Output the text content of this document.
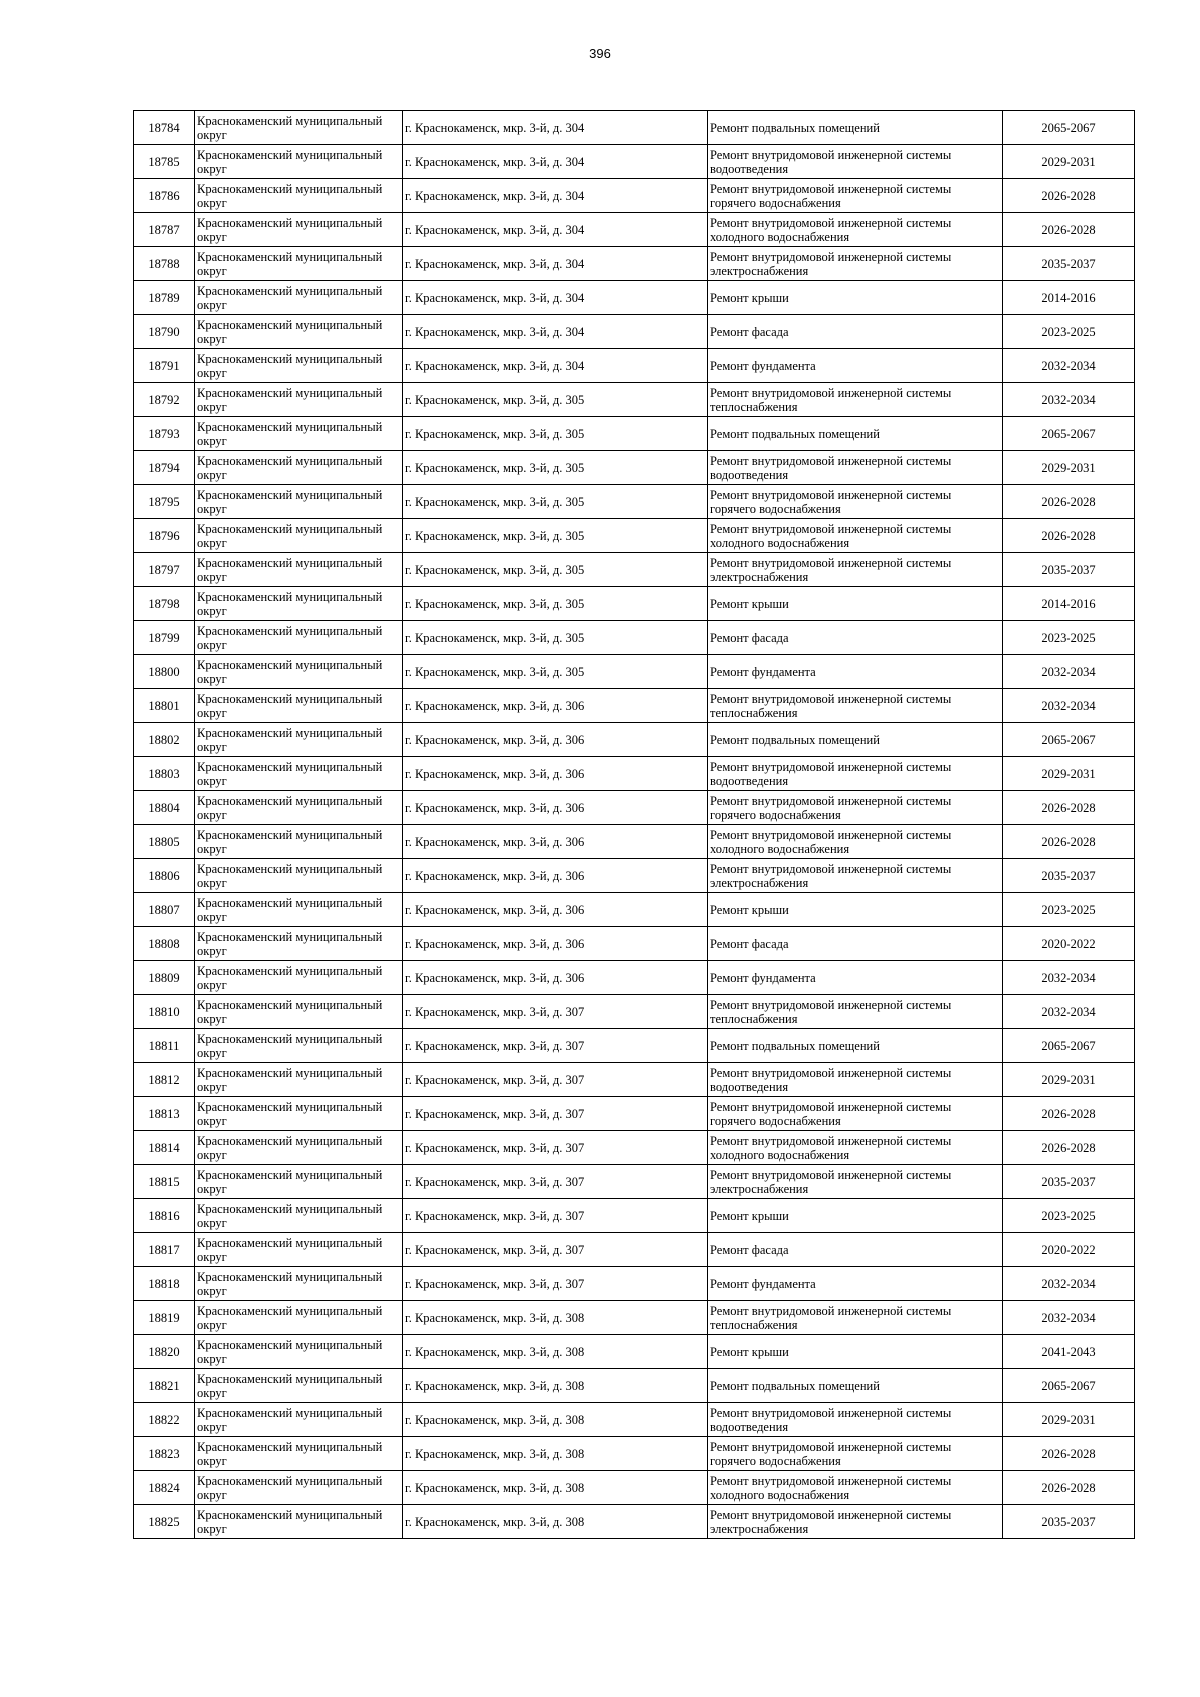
396
18784	Краснокаменский муниципальный округ	г. Краснокаменск, мкр. 3-й, д. 304	Ремонт подвальных помещений	2065-2067
18785	Краснокаменский муниципальный округ	г. Краснокаменск, мкр. 3-й, д. 304	Ремонт внутридомовой инженерной системы водоотведения	2029-2031
18786	Краснокаменский муниципальный округ	г. Краснокаменск, мкр. 3-й, д. 304	Ремонт внутридомовой инженерной системы горячего водоснабжения	2026-2028
18787	Краснокаменский муниципальный округ	г. Краснокаменск, мкр. 3-й, д. 304	Ремонт внутридомовой инженерной системы холодного водоснабжения	2026-2028
18788	Краснокаменский муниципальный округ	г. Краснокаменск, мкр. 3-й, д. 304	Ремонт внутридомовой инженерной системы электроснабжения	2035-2037
18789	Краснокаменский муниципальный округ	г. Краснокаменск, мкр. 3-й, д. 304	Ремонт крыши	2014-2016
18790	Краснокаменский муниципальный округ	г. Краснокаменск, мкр. 3-й, д. 304	Ремонт фасада	2023-2025
18791	Краснокаменский муниципальный округ	г. Краснокаменск, мкр. 3-й, д. 304	Ремонт фундамента	2032-2034
18792	Краснокаменский муниципальный округ	г. Краснокаменск, мкр. 3-й, д. 305	Ремонт внутридомовой инженерной системы теплоснабжения	2032-2034
18793	Краснокаменский муниципальный округ	г. Краснокаменск, мкр. 3-й, д. 305	Ремонт подвальных помещений	2065-2067
18794	Краснокаменский муниципальный округ	г. Краснокаменск, мкр. 3-й, д. 305	Ремонт внутридомовой инженерной системы водоотведения	2029-2031
18795	Краснокаменский муниципальный округ	г. Краснокаменск, мкр. 3-й, д. 305	Ремонт внутридомовой инженерной системы горячего водоснабжения	2026-2028
18796	Краснокаменский муниципальный округ	г. Краснокаменск, мкр. 3-й, д. 305	Ремонт внутридомовой инженерной системы холодного водоснабжения	2026-2028
18797	Краснокаменский муниципальный округ	г. Краснокаменск, мкр. 3-й, д. 305	Ремонт внутридомовой инженерной системы электроснабжения	2035-2037
18798	Краснокаменский муниципальный округ	г. Краснокаменск, мкр. 3-й, д. 305	Ремонт крыши	2014-2016
18799	Краснокаменский муниципальный округ	г. Краснокаменск, мкр. 3-й, д. 305	Ремонт фасада	2023-2025
18800	Краснокаменский муниципальный округ	г. Краснокаменск, мкр. 3-й, д. 305	Ремонт фундамента	2032-2034
18801	Краснокаменский муниципальный округ	г. Краснокаменск, мкр. 3-й, д. 306	Ремонт внутридомовой инженерной системы теплоснабжения	2032-2034
18802	Краснокаменский муниципальный округ	г. Краснокаменск, мкр. 3-й, д. 306	Ремонт подвальных помещений	2065-2067
18803	Краснокаменский муниципальный округ	г. Краснокаменск, мкр. 3-й, д. 306	Ремонт внутридомовой инженерной системы водоотведения	2029-2031
18804	Краснокаменский муниципальный округ	г. Краснокаменск, мкр. 3-й, д. 306	Ремонт внутридомовой инженерной системы горячего водоснабжения	2026-2028
18805	Краснокаменский муниципальный округ	г. Краснокаменск, мкр. 3-й, д. 306	Ремонт внутридомовой инженерной системы холодного водоснабжения	2026-2028
18806	Краснокаменский муниципальный округ	г. Краснокаменск, мкр. 3-й, д. 306	Ремонт внутридомовой инженерной системы электроснабжения	2035-2037
18807	Краснокаменский муниципальный округ	г. Краснокаменск, мкр. 3-й, д. 306	Ремонт крыши	2023-2025
18808	Краснокаменский муниципальный округ	г. Краснокаменск, мкр. 3-й, д. 306	Ремонт фасада	2020-2022
18809	Краснокаменский муниципальный округ	г. Краснокаменск, мкр. 3-й, д. 306	Ремонт фундамента	2032-2034
18810	Краснокаменский муниципальный округ	г. Краснокаменск, мкр. 3-й, д. 307	Ремонт внутридомовой инженерной системы теплоснабжения	2032-2034
18811	Краснокаменский муниципальный округ	г. Краснокаменск, мкр. 3-й, д. 307	Ремонт подвальных помещений	2065-2067
18812	Краснокаменский муниципальный округ	г. Краснокаменск, мкр. 3-й, д. 307	Ремонт внутридомовой инженерной системы водоотведения	2029-2031
18813	Краснокаменский муниципальный округ	г. Краснокаменск, мкр. 3-й, д. 307	Ремонт внутридомовой инженерной системы горячего водоснабжения	2026-2028
18814	Краснокаменский муниципальный округ	г. Краснокаменск, мкр. 3-й, д. 307	Ремонт внутридомовой инженерной системы холодного водоснабжения	2026-2028
18815	Краснокаменский муниципальный округ	г. Краснокаменск, мкр. 3-й, д. 307	Ремонт внутридомовой инженерной системы электроснабжения	2035-2037
18816	Краснокаменский муниципальный округ	г. Краснокаменск, мкр. 3-й, д. 307	Ремонт крыши	2023-2025
18817	Краснокаменский муниципальный округ	г. Краснокаменск, мкр. 3-й, д. 307	Ремонт фасада	2020-2022
18818	Краснокаменский муниципальный округ	г. Краснокаменск, мкр. 3-й, д. 307	Ремонт фундамента	2032-2034
18819	Краснокаменский муниципальный округ	г. Краснокаменск, мкр. 3-й, д. 308	Ремонт внутридомовой инженерной системы теплоснабжения	2032-2034
18820	Краснокаменский муниципальный округ	г. Краснокаменск, мкр. 3-й, д. 308	Ремонт крыши	2041-2043
18821	Краснокаменский муниципальный округ	г. Краснокаменск, мкр. 3-й, д. 308	Ремонт подвальных помещений	2065-2067
18822	Краснокаменский муниципальный округ	г. Краснокаменск, мкр. 3-й, д. 308	Ремонт внутридомовой инженерной системы водоотведения	2029-2031
18823	Краснокаменский муниципальный округ	г. Краснокаменск, мкр. 3-й, д. 308	Ремонт внутридомовой инженерной системы горячего водоснабжения	2026-2028
18824	Краснокаменский муниципальный округ	г. Краснокаменск, мкр. 3-й, д. 308	Ремонт внутридомовой инженерной системы холодного водоснабжения	2026-2028
18825	Краснокаменский муниципальный округ	г. Краснокаменск, мкр. 3-й, д. 308	Ремонт внутридомовой инженерной системы электроснабжения	2035-2037
